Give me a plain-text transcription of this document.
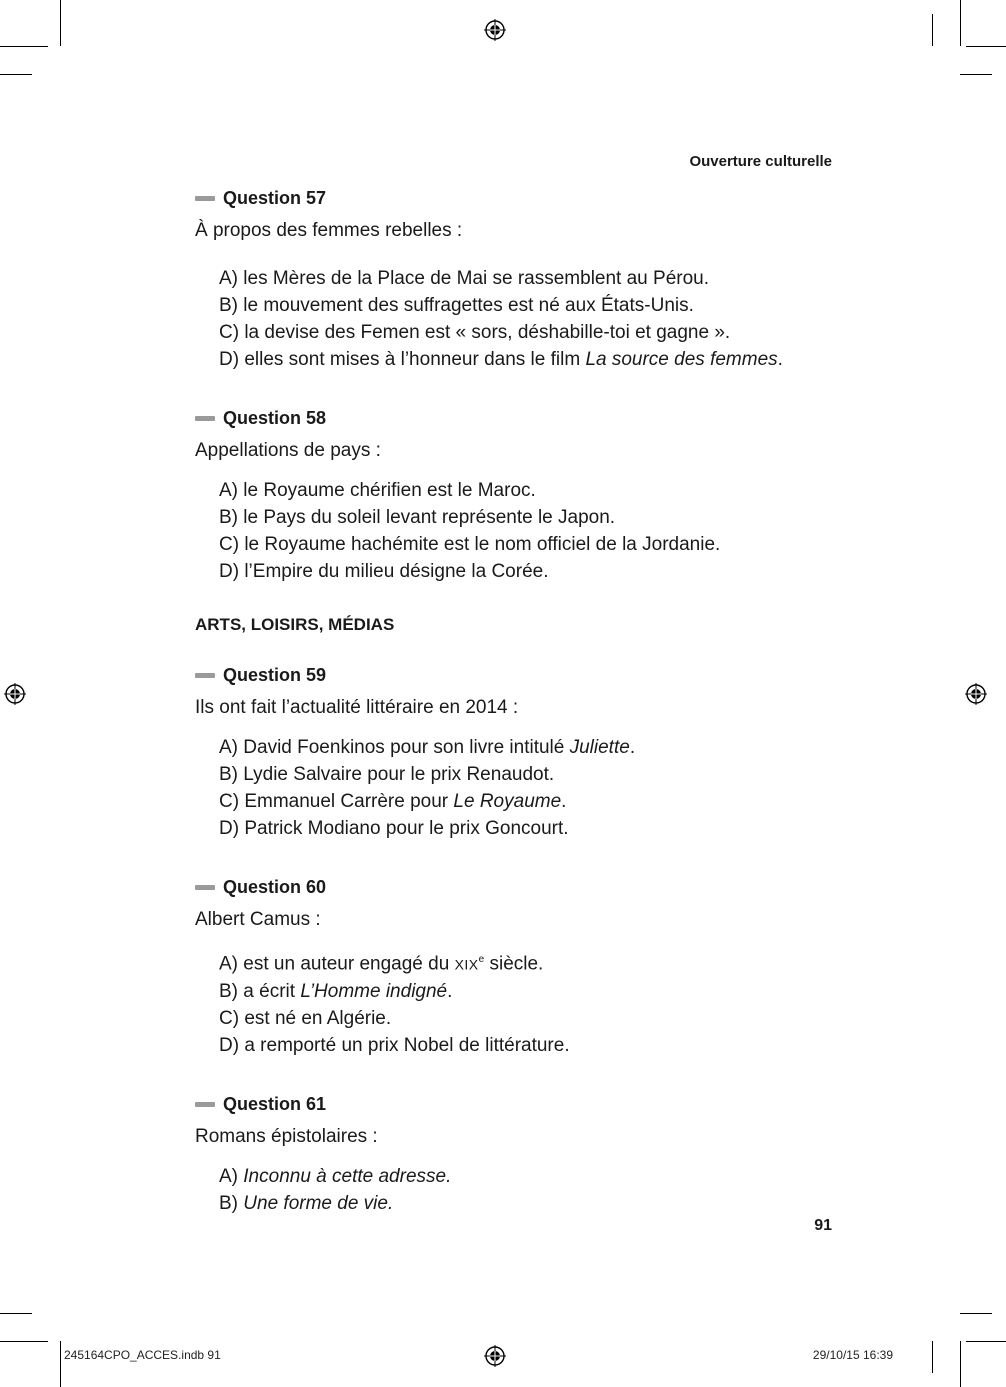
Ouverture culturelle
Question 57
À propos des femmes rebelles :
A) les Mères de la Place de Mai se rassemblent au Pérou.
B) le mouvement des suffragettes est né aux États-Unis.
C) la devise des Femen est « sors, déshabille-toi et gagne ».
D) elles sont mises à l’honneur dans le film La source des femmes.
Question 58
Appellations de pays :
A) le Royaume chérifien est le Maroc.
B) le Pays du soleil levant représente le Japon.
C) le Royaume hachémite est le nom officiel de la Jordanie.
D) l’Empire du milieu désigne la Corée.
ARTS, LOISIRS, MÉDIAS
Question 59
Ils ont fait l’actualité littéraire en 2014 :
A) David Foenkinos pour son livre intitulé Juliette.
B) Lydie Salvaire pour le prix Renaudot.
C) Emmanuel Carrère pour Le Royaume.
D) Patrick Modiano pour le prix Goncourt.
Question 60
Albert Camus :
A) est un auteur engagé du XIXe siècle.
B) a écrit L’Homme indigné.
C) est né en Algérie.
D) a remporté un prix Nobel de littérature.
Question 61
Romans épistolaires :
A) Inconnu à cette adresse.
B) Une forme de vie.
91
245164CPO_ACCES.indb 91	29/10/15 16:39
